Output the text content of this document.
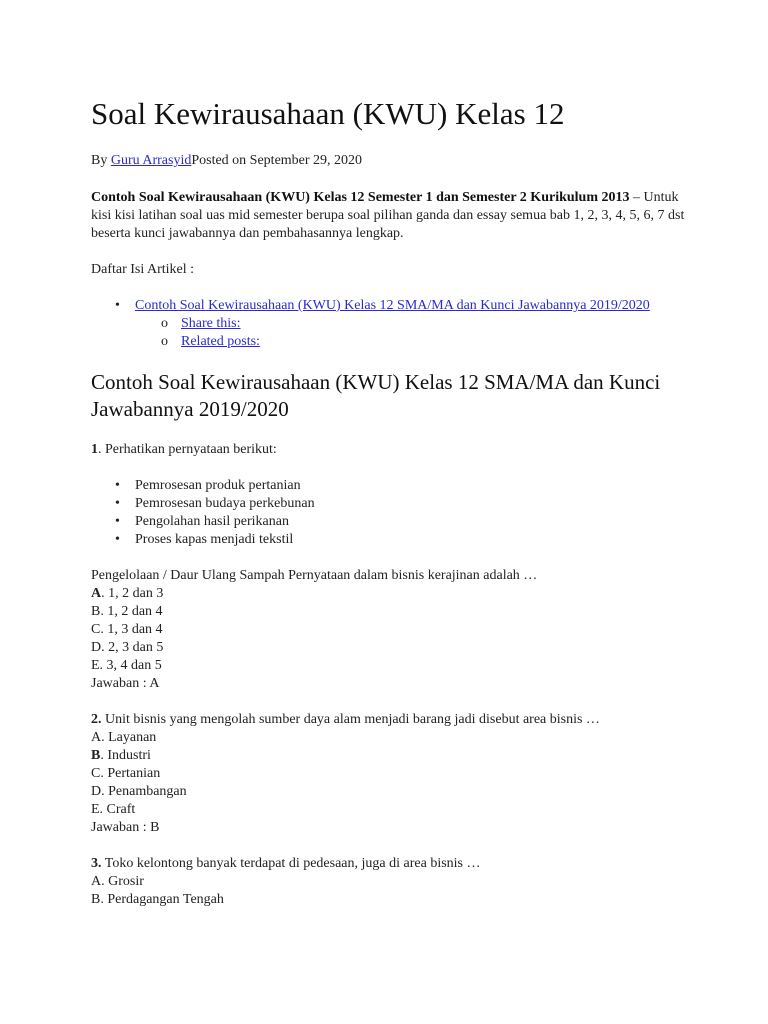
Soal Kewirausahaan (KWU) Kelas 12
By Guru ArrasyidPosted on September 29, 2020
Contoh Soal Kewirausahaan (KWU) Kelas 12 Semester 1 dan Semester 2 Kurikulum 2013 – Untuk kisi kisi latihan soal uas mid semester berupa soal pilihan ganda dan essay semua bab 1, 2, 3, 4, 5, 6, 7 dst beserta kunci jawabannya dan pembahasannya lengkap.
Daftar Isi Artikel :
• Contoh Soal Kewirausahaan (KWU) Kelas 12 SMA/MA dan Kunci Jawabannya 2019/2020
o Share this:
o Related posts:
Contoh Soal Kewirausahaan (KWU) Kelas 12 SMA/MA dan Kunci Jawabannya 2019/2020
1. Perhatikan pernyataan berikut:
• Pemrosesan produk pertanian
• Pemrosesan budaya perkebunan
• Pengolahan hasil perikanan
• Proses kapas menjadi tekstil
Pengelolaan / Daur Ulang Sampah Pernyataan dalam bisnis kerajinan adalah …
A. 1, 2 dan 3
B. 1, 2 dan 4
C. 1, 3 dan 4
D. 2, 3 dan 5
E. 3, 4 dan 5
Jawaban : A
2. Unit bisnis yang mengolah sumber daya alam menjadi barang jadi disebut area bisnis …
A. Layanan
B. Industri
C. Pertanian
D. Penambangan
E. Craft
Jawaban : B
3. Toko kelontong banyak terdapat di pedesaan, juga di area bisnis …
A. Grosir
B. Perdagangan Tengah
